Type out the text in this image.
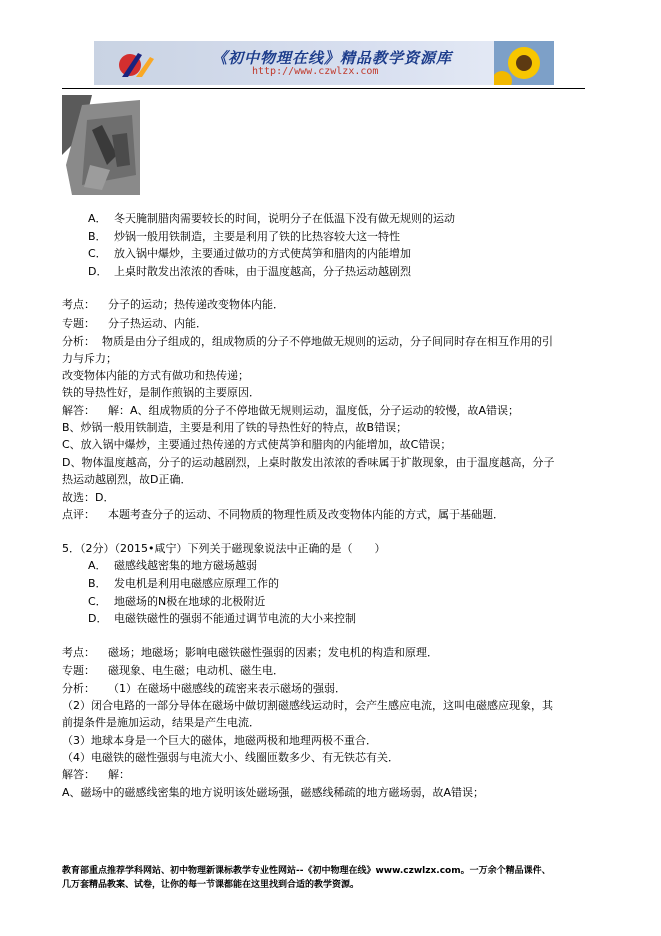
《初中物理在线》精品教学资源库
http://www.czwlzx.com
A． 冬天腌制腊肉需要较长的时间，说明分子在低温下没有做无规则的运动
B． 炒锅一般用铁制造，主要是利用了铁的比热容较大这一特性
C． 放入锅中爆炒，主要通过做功的方式使莴笋和腊肉的内能增加
D． 上桌时散发出浓浓的香味，由于温度越高，分子热运动越剧烈
考点： 分子的运动；热传递改变物体内能．
专题： 分子热运动、内能．
分析： 物质是由分子组成的，组成物质的分子不停地做无规则的运动，分子间同时存在相互作用的引
力与斥力；
改变物体内能的方式有做功和热传递；
铁的导热性好，是制作煎锅的主要原因．
解答： 解：A、组成物质的分子不停地做无规则运动，温度低，分子运动的较慢，故A错误；
B、炒锅一般用铁制造，主要是利用了铁的导热性好的特点，故B错误；
C、放入锅中爆炒，主要通过热传递的方式使莴笋和腊肉的内能增加，故C错误；
D、物体温度越高，分子的运动越剧烈，上桌时散发出浓浓的香味属于扩散现象，由于温度越高，分子
热运动越剧烈，故D正确．
故选：D．
点评： 本题考查分子的运动、不同物质的物理性质及改变物体内能的方式，属于基础题．
5．（2分）（2015•咸宁）下列关于磁现象说法中正确的是（　　）
A． 磁感线越密集的地方磁场越弱
B． 发电机是利用电磁感应原理工作的
C． 地磁场的N极在地球的北极附近
D． 电磁铁磁性的强弱不能通过调节电流的大小来控制
考点： 磁场；地磁场；影响电磁铁磁性强弱的因素；发电机的构造和原理．
专题： 磁现象、电生磁；电动机、磁生电．
分析： （1）在磁场中磁感线的疏密来表示磁场的强弱．
（2）闭合电路的一部分导体在磁场中做切割磁感线运动时，会产生感应电流，这叫电磁感应现象，其
前提条件是施加运动，结果是产生电流．
（3）地球本身是一个巨大的磁体，地磁两极和地理两极不重合．
（4）电磁铁的磁性强弱与电流大小、线圈匝数多少、有无铁芯有关．
解答： 解：
A、磁场中的磁感线密集的地方说明该处磁场强，磁感线稀疏的地方磁场弱，故A错误；
教育部重点推荐学科网站、初中物理新课标教学专业性网站--《初中物理在线》www.czwlzx.com。一万余个精品课件、
几万套精品教案、试卷，让你的每一节课都能在这里找到合适的教学资源。
